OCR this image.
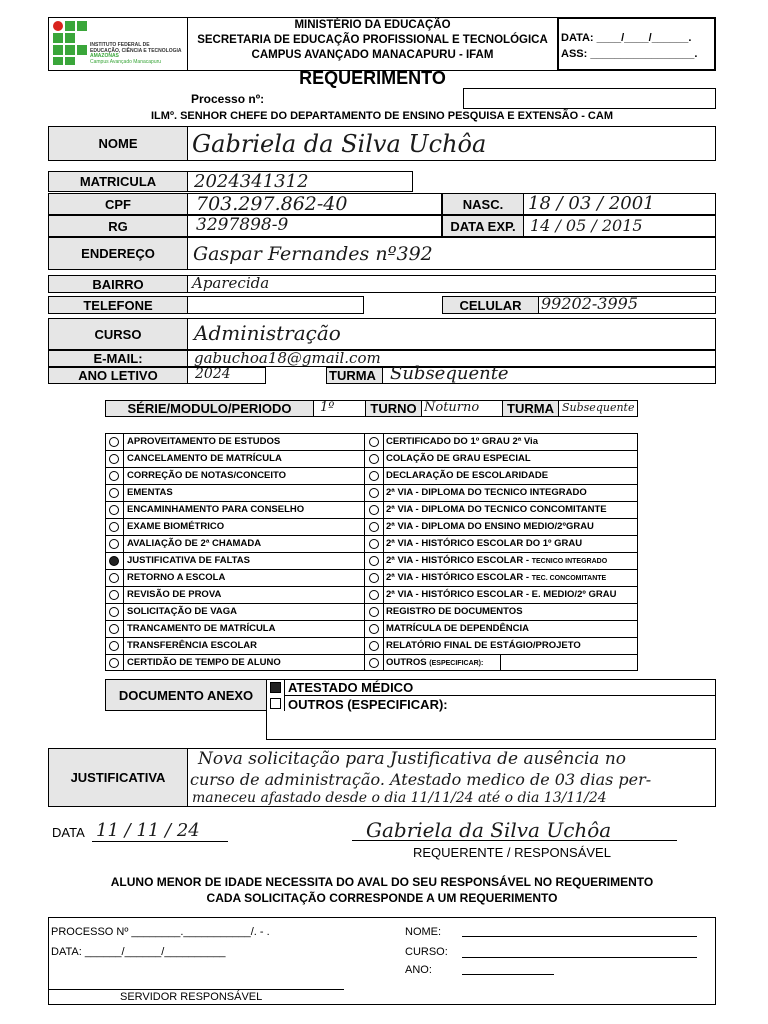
INSTITUTO FEDERAL DE
EDUCAÇÃO, CIÊNCIA E TECNOLOGIA
AMAZONAS
Campus Avançado Manacapuru
MINISTÉRIO DA EDUCAÇÃO
SECRETARIA DE EDUCAÇÃO PROFISSIONAL E TECNOLÓGICA
CAMPUS AVANÇADO MANACAPURU - IFAM
DATA: ____/____/______.
ASS: _________________.
REQUERIMENTO
Processo nº:
ILMº. SENHOR CHEFE DO DEPARTAMENTO DE ENSINO PESQUISA E EXTENSÃO - CAM
NOME	Gabriela da Silva Uchôa
MATRICULA	2024341312
CPF	703.297.862-40	NASC.	18 / 03 / 2001
RG	3297898-9	DATA EXP. 14 / 05 / 2015
ENDEREÇO	Gaspar Fernandes nº392
BAIRRO	Aparecida
TELEFONE	CELULAR	99202-3995
CURSO	Administração
E-MAIL:	gabuchoa18@gmail.com
ANO LETIVO	2024	TURMA Subsequente
SÉRIE/MODULO/PERIODO	1º	TURNO Noturno	TURMA Subsequente
APROVEITAMENTO DE ESTUDOS	CERTIFICADO DO 1º GRAU 2ª Via
CANCELAMENTO DE MATRÍCULA	COLAÇÃO DE GRAU ESPECIAL
CORREÇÃO DE NOTAS/CONCEITO	DECLARAÇÃO DE ESCOLARIDADE
EMENTAS	2ª VIA - DIPLOMA DO TECNICO INTEGRADO
ENCAMINHAMENTO PARA CONSELHO	2ª VIA - DIPLOMA DO TECNICO CONCOMITANTE
EXAME BIOMÉTRICO	2ª VIA - DIPLOMA DO ENSINO MEDIO/2ºGRAU
AVALIAÇÃO DE 2ª CHAMADA	2ª VIA - HISTÓRICO ESCOLAR DO 1º GRAU
JUSTIFICATIVA DE FALTAS	2ª VIA - HISTÓRICO ESCOLAR - TECNICO INTEGRADO
RETORNO A ESCOLA	2ª VIA - HISTÓRICO ESCOLAR - TEC. CONCOMITANTE
REVISÃO DE PROVA	2ª VIA - HISTÓRICO ESCOLAR - E. MEDIO/2º GRAU
SOLICITAÇÃO DE VAGA	REGISTRO DE DOCUMENTOS
TRANCAMENTO DE MATRÍCULA	MATRÍCULA DE DEPENDÊNCIA
TRANSFERÊNCIA ESCOLAR	RELATÓRIO FINAL DE ESTÁGIO/PROJETO
CERTIDÃO DE TEMPO DE ALUNO	OUTROS (ESPECIFICAR):
DOCUMENTO ANEXO	ATESTADO MÉDICO
OUTROS (ESPECIFICAR):
JUSTIFICATIVA
Nova solicitação para Justificativa de ausência no
curso de administração. Atestado medico de 03 dias per-
maneceu afastado desde o dia 11/11/24 até o dia 13/11/24
DATA 11 / 11 / 24	Gabriela da Silva Uchôa
REQUERENTE / RESPONSÁVEL
ALUNO MENOR DE IDADE NECESSITA DO AVAL DO SEU RESPONSÁVEL NO REQUERIMENTO
CADA SOLICITAÇÃO CORRESPONDE A UM REQUERIMENTO
PROCESSO Nº ________.___________/. - .
DATA: ______/______/__________
NOME:
CURSO:
ANO:
SERVIDOR RESPONSÁVEL
